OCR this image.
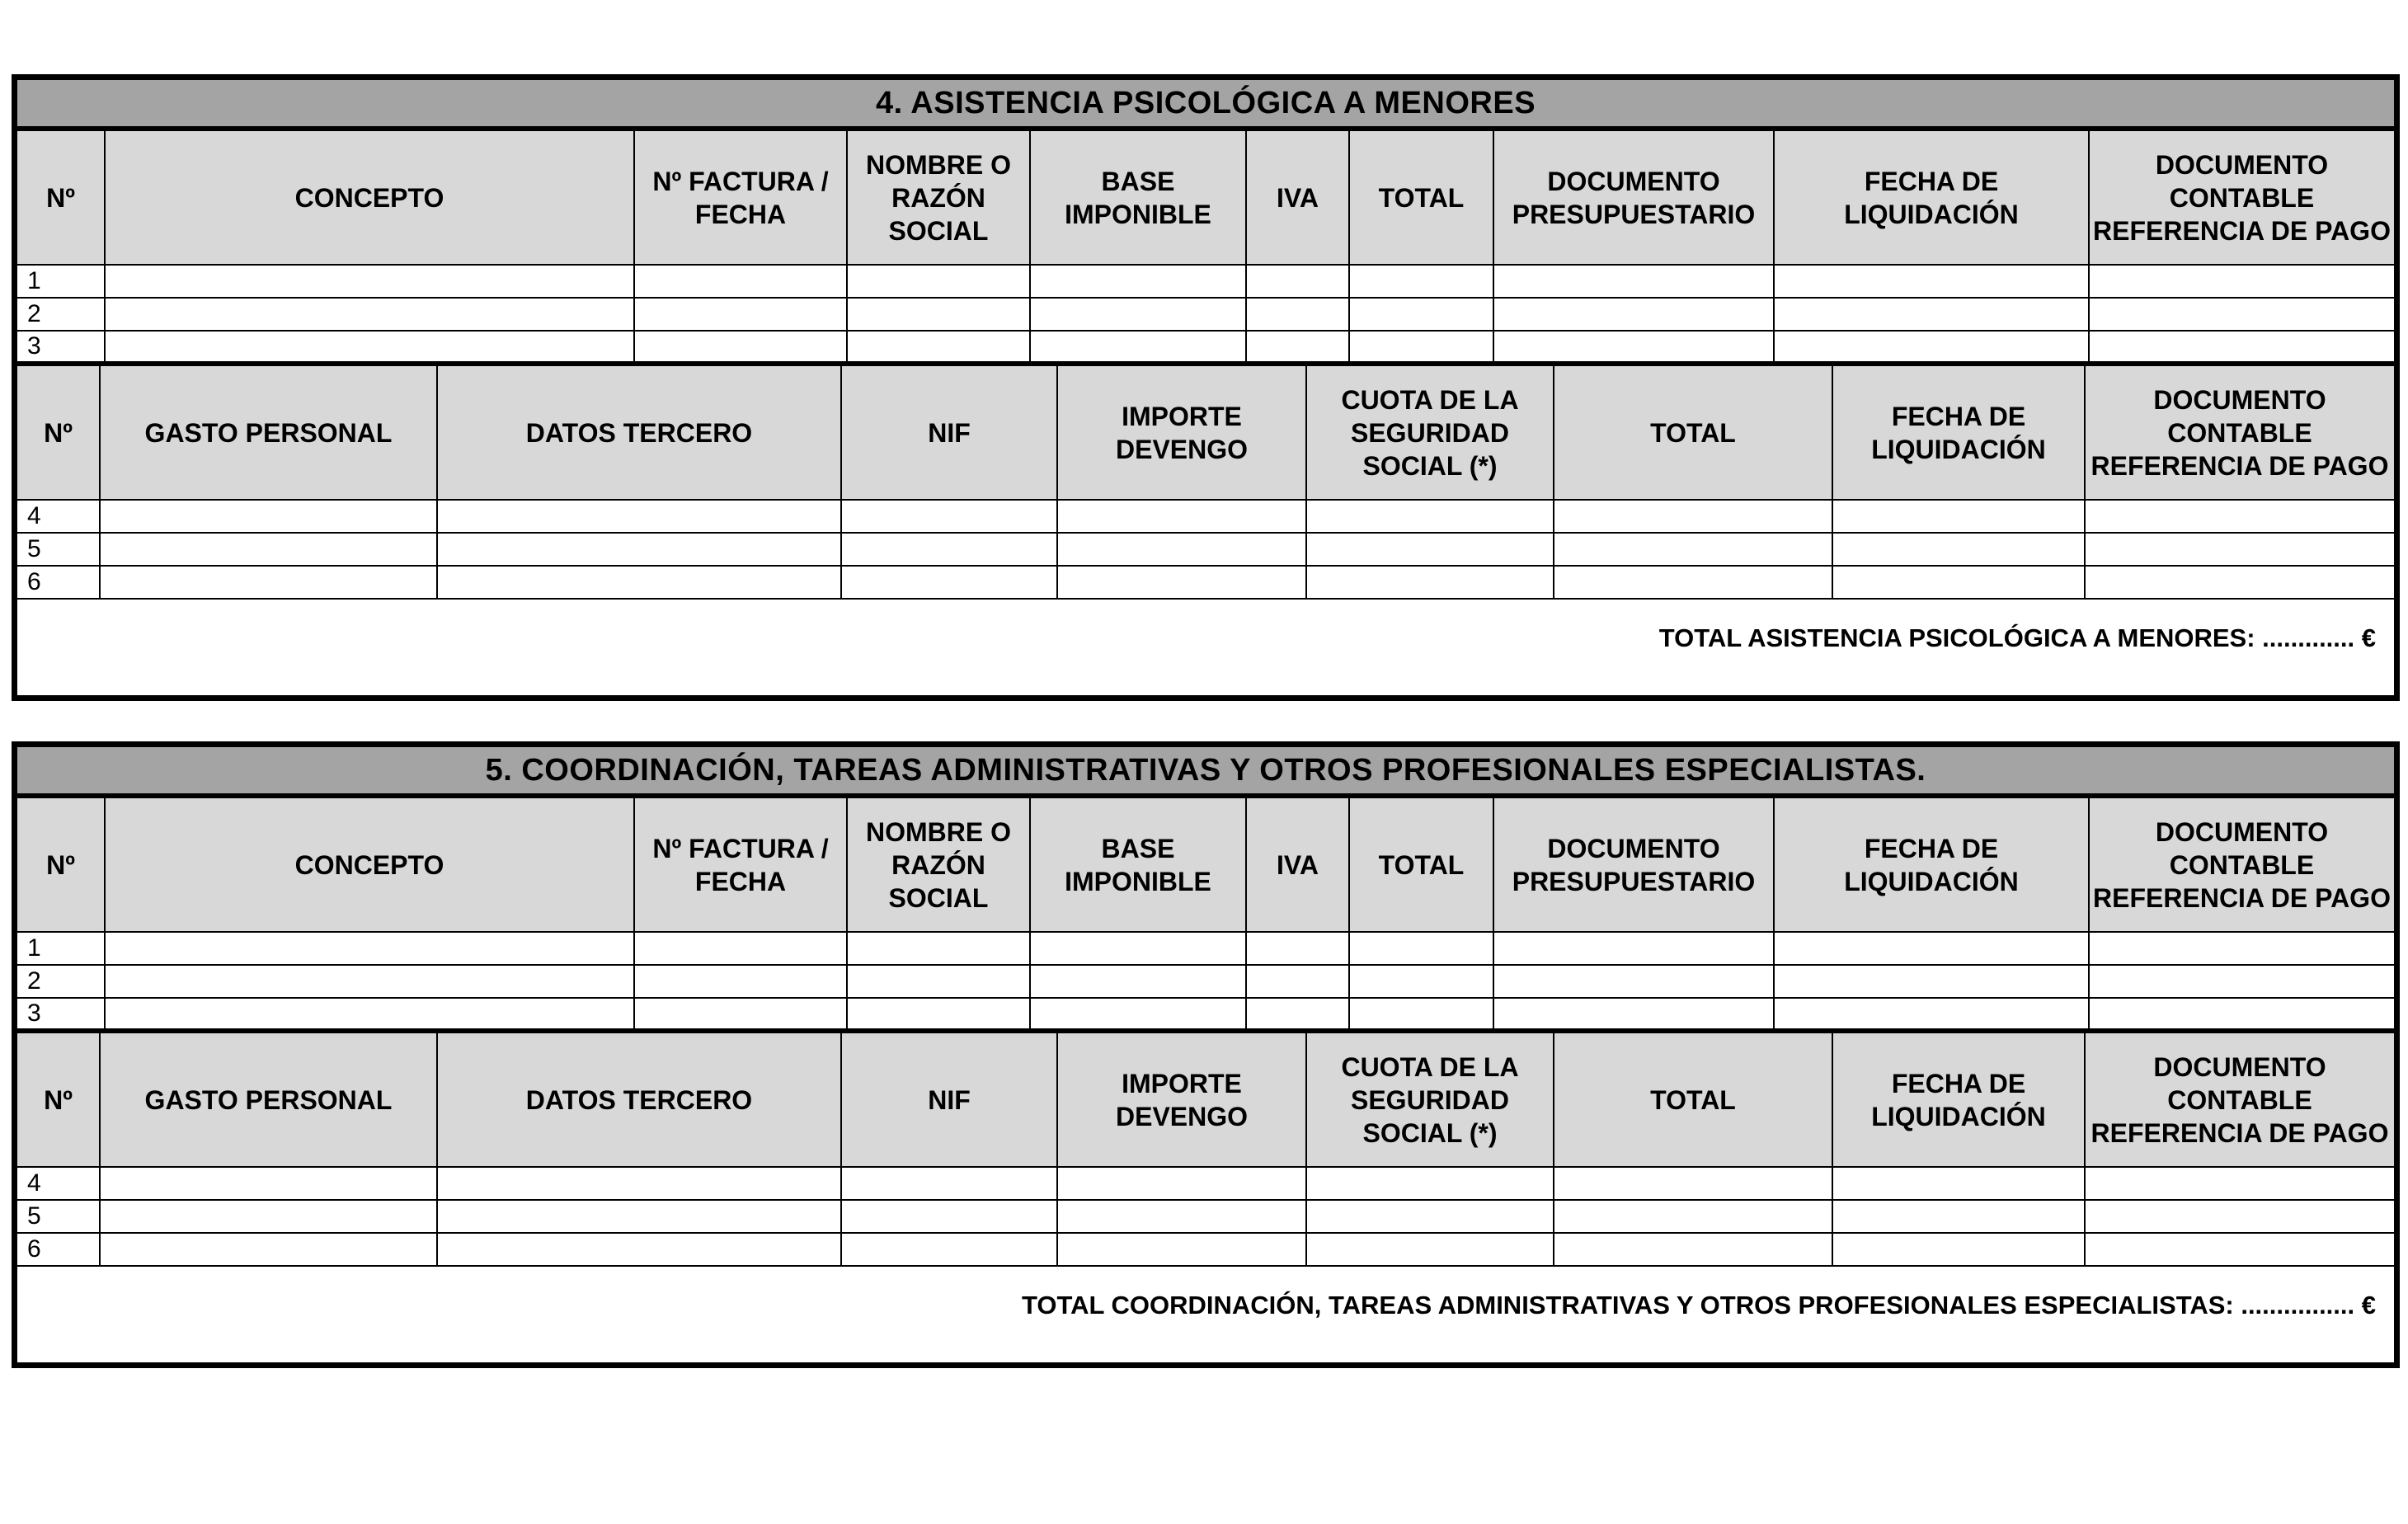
4. ASISTENCIA PSICOLÓGICA A MENORES
Nº	CONCEPTO	Nº FACTURA / FECHA	NOMBRE O RAZÓN SOCIAL	BASE IMPONIBLE	IVA	TOTAL	DOCUMENTO PRESUPUESTARIO	FECHA DE LIQUIDACIÓN	DOCUMENTO CONTABLE REFERENCIA DE PAGO
1									
2									
3									
Nº	GASTO PERSONAL	DATOS TERCERO	NIF	IMPORTE DEVENGO	CUOTA DE LA SEGURIDAD SOCIAL (*)	TOTAL	FECHA DE LIQUIDACIÓN	DOCUMENTO CONTABLE REFERENCIA DE PAGO
4								
5								
6								
TOTAL ASISTENCIA PSICOLÓGICA A MENORES: ............. €
5. COORDINACIÓN, TAREAS ADMINISTRATIVAS Y OTROS PROFESIONALES ESPECIALISTAS.
Nº	CONCEPTO	Nº FACTURA / FECHA	NOMBRE O RAZÓN SOCIAL	BASE IMPONIBLE	IVA	TOTAL	DOCUMENTO PRESUPUESTARIO	FECHA DE LIQUIDACIÓN	DOCUMENTO CONTABLE REFERENCIA DE PAGO
1									
2									
3									
Nº	GASTO PERSONAL	DATOS TERCERO	NIF	IMPORTE DEVENGO	CUOTA DE LA SEGURIDAD SOCIAL (*)	TOTAL	FECHA DE LIQUIDACIÓN	DOCUMENTO CONTABLE REFERENCIA DE PAGO
4								
5								
6								
TOTAL COORDINACIÓN, TAREAS ADMINISTRATIVAS Y OTROS PROFESIONALES ESPECIALISTAS: ................ €
